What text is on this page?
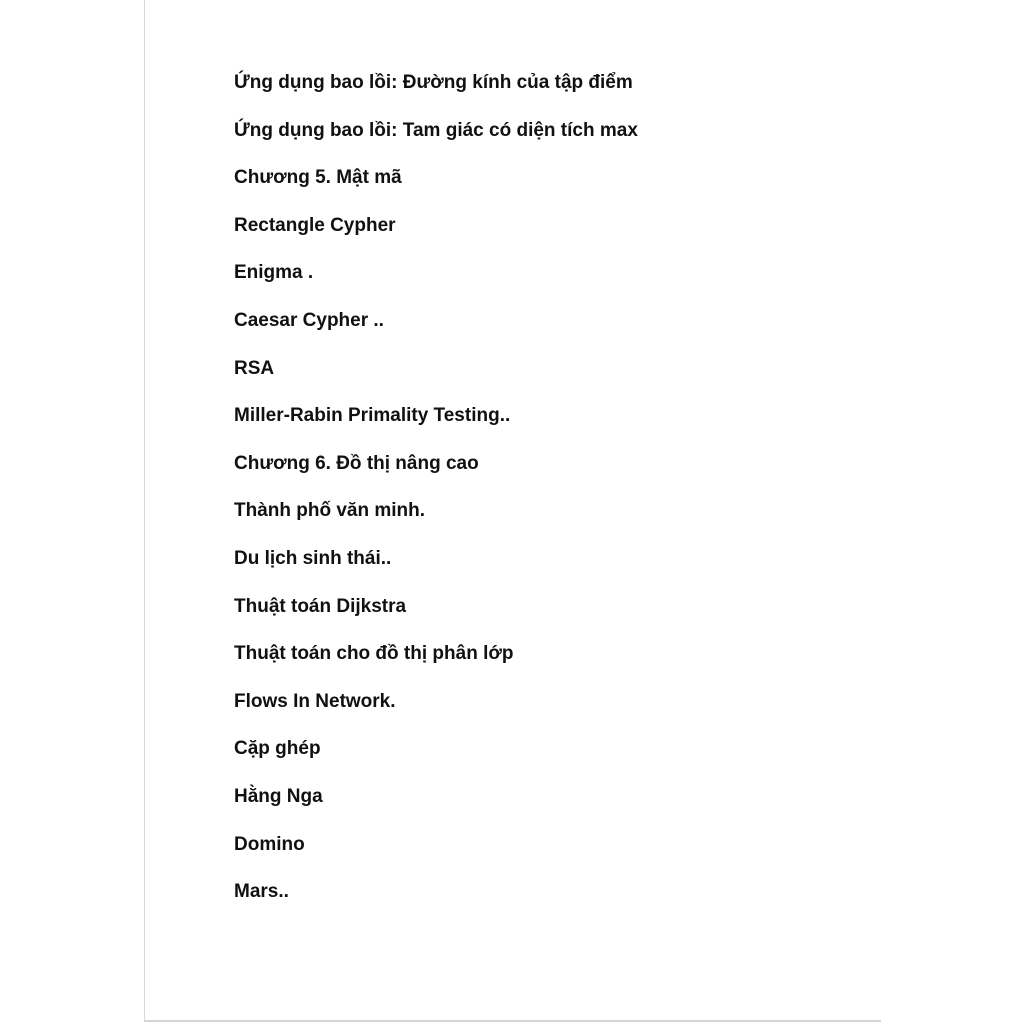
Ứng dụng bao lồi: Đường kính của tập điểm
Ứng dụng bao lồi: Tam giác có diện tích max
Chương 5. Mật mã
Rectangle Cypher
Enigma .
Caesar Cypher ..
RSA
Miller-Rabin Primality Testing..
Chương 6. Đồ thị nâng cao
Thành phố văn minh.
Du lịch sinh thái..
Thuật toán Dijkstra
Thuật toán cho đồ thị phân lớp
Flows In Network.
Cặp ghép
Hằng Nga
Domino
Mars..
